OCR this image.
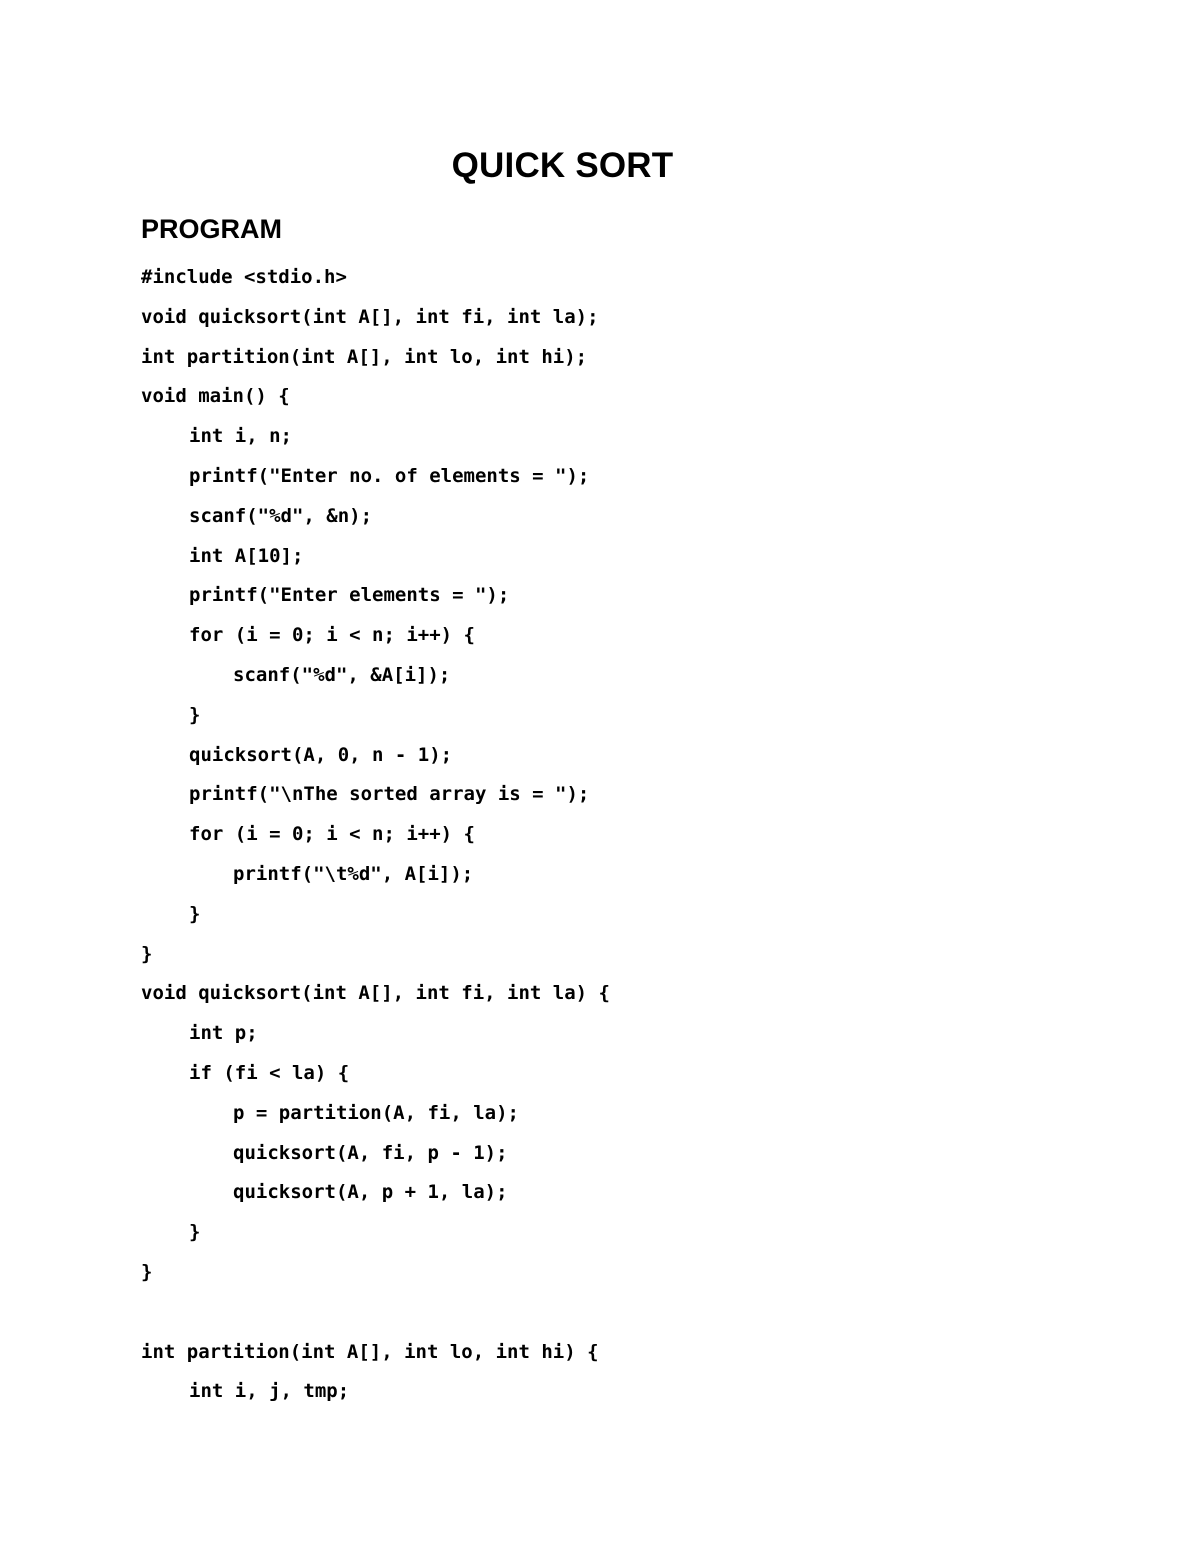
QUICK SORT
PROGRAM
#include <stdio.h>
void quicksort(int A[], int fi, int la);
int partition(int A[], int lo, int hi);
void main() {
int i, n;
printf("Enter no. of elements = ");
scanf("%d", &n);
int A[10];
printf("Enter elements = ");
for (i = 0; i < n; i++) {
scanf("%d", &A[i]);
}
quicksort(A, 0, n - 1);
printf("\nThe sorted array is = ");
for (i = 0; i < n; i++) {
printf("\t%d", A[i]);
}
}
void quicksort(int A[], int fi, int la) {
int p;
if (fi < la) {
p = partition(A, fi, la);
quicksort(A, fi, p - 1);
quicksort(A, p + 1, la);
}
}
int partition(int A[], int lo, int hi) {
int i, j, tmp;
